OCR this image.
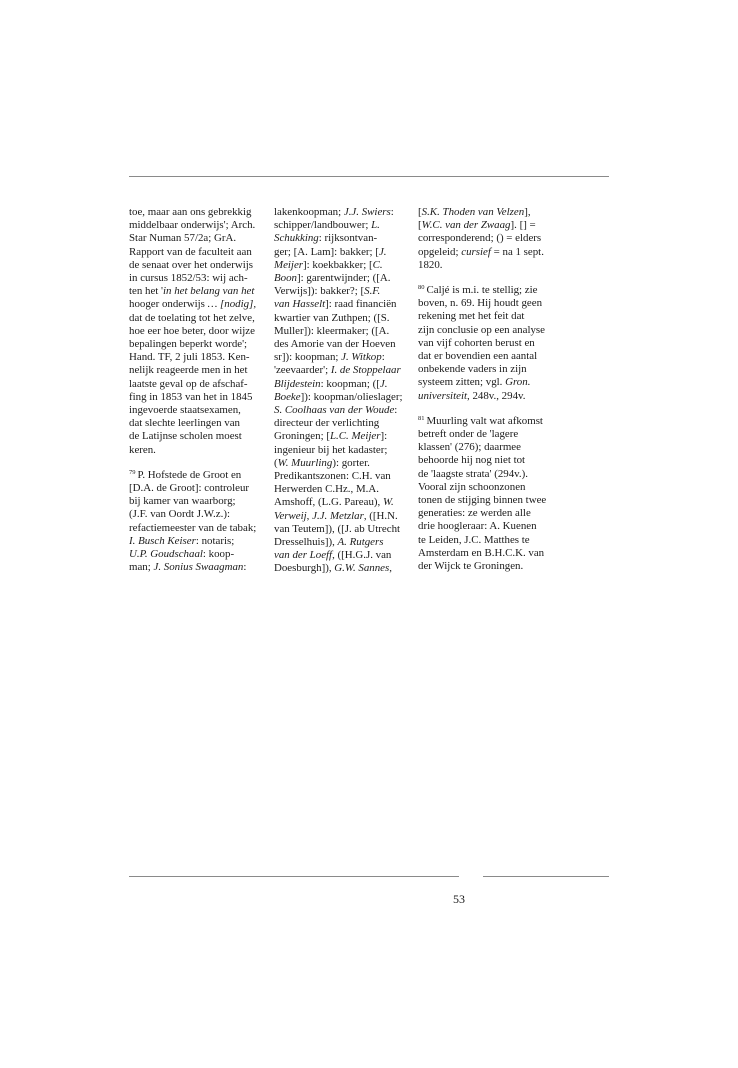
toe, maar aan ons gebrekkig
middelbaar onderwijs'; Arch.
Star Numan 57/2a; GrA.
Rapport van de faculteit aan
de senaat over het onderwijs
in cursus 1852/53: wij ach-
ten het 'in het belang van het
hooger onderwijs … [nodig],
dat de toelating tot het zelve,
hoe eer hoe beter, door wijze
bepalingen beperkt worde';
Hand. TF, 2 juli 1853. Ken-
nelijk reageerde men in het
laatste geval op de afschaf-
fing in 1853 van het in 1845
ingevoerde staatsexamen,
dat slechte leerlingen van
de Latijnse scholen moest
keren.

$^{79}$ P. Hofstede de Groot en
[D.A. de Groot]: controleur
bij kamer van waarborg;
(J.F. van Oordt J.W.z.):
refactiemeester van de tabak;
I. Busch Keiser: notaris;
U.P. Goudschaal: koop-
man; J. Sonius Swaagman:

lakenkoopman; J.J. Swiers:
schipper/landbouwer; L.
Schukking: rijksontvan-
ger; [A. Lam]: bakker; [J.
Meijer]: koekbakker; [C.
Boon]: garentwijnder; ([A.
Verwijs]): bakker?; [S.F.
van Hasselt]: raad financiën
kwartier van Zuthpen; ([S.
Muller]): kleermaker; ([A.
des Amorie van der Hoeven
sr]): koopman; J. Witkop:
'zeevaarder'; I. de Stoppelaar
Blijdestein: koopman; ([J.
Boeke]): koopman/olieslager;
S. Coolhaas van der Woude:
directeur der verlichting
Groningen; [L.C. Meijer]:
ingenieur bij het kadaster;
(W. Muurling): gorter.
Predikantszonen: C.H. van
Herwerden C.Hz., M.A.
Amshoff, (L.G. Pareau), W.
Verweij, J.J. Metzlar, ([H.N.
van Teutem]), ([J. ab Utrecht
Dresselhuis]), A. Rutgers
van der Loeff, ([H.G.J. van
Doesburgh]), G.W. Sannes,

[S.K. Thoden van Velzen],
[W.C. van der Zwaag]. [] =
corresponderend; () = elders
opgeleid; cursief = na 1 sept.
1820.

$^{80}$ Caljé is m.i. te stellig; zie
boven, n. 69. Hij houdt geen
rekening met het feit dat
zijn conclusie op een analyse
van vijf cohorten berust en
dat er bovendien een aantal
onbekende vaders in zijn
systeem zitten; vgl. Gron.
universiteit, 248v., 294v.

$^{81}$ Muurling valt wat afkomst
betreft onder de 'lagere
klassen' (276); daarmee
behoorde hij nog niet tot
de 'laagste strata' (294v.).
Vooral zijn schoonzonen
tonen de stijging binnen twee
generaties: ze werden alle
drie hoogleraar: A. Kuenen
te Leiden, J.C. Matthes te
Amsterdam en B.H.C.K. van
der Wijck te Groningen.

53
